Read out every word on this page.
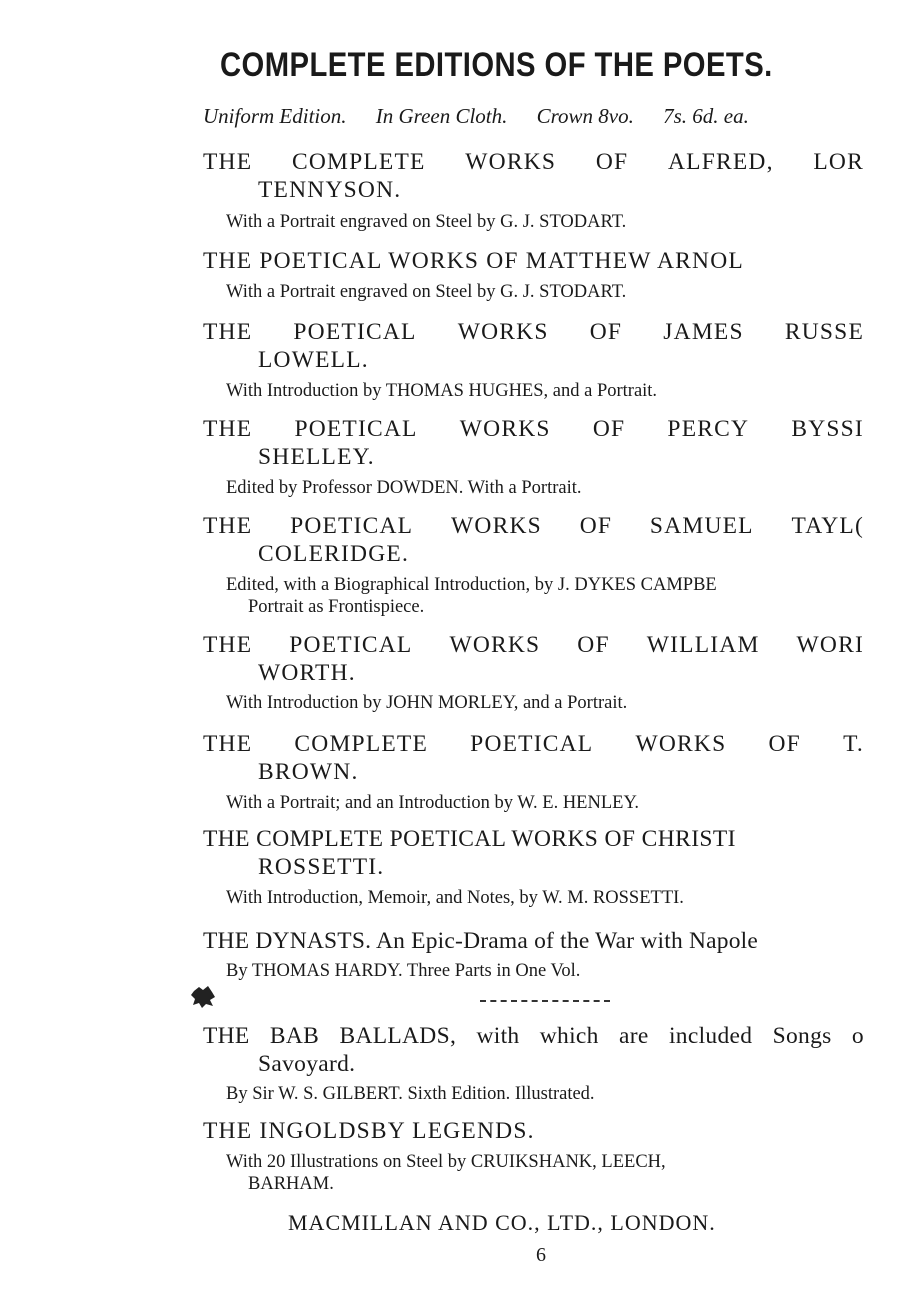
COMPLETE EDITIONS OF THE POETS.
Uniform Edition. In Green Cloth. Crown 8vo. 7s. 6d. ea.
THE COMPLETE WORKS OF ALFRED, LOR
TENNYSON.
With a Portrait engraved on Steel by G. J. STODART.
THE POETICAL WORKS OF MATTHEW ARNOL
With a Portrait engraved on Steel by G. J. STODART.
THE POETICAL WORKS OF JAMES RUSSE
LOWELL.
With Introduction by THOMAS HUGHES, and a Portrait.
THE POETICAL WORKS OF PERCY BYSSI
SHELLEY.
Edited by Professor DOWDEN. With a Portrait.
THE POETICAL WORKS OF SAMUEL TAYL(
COLERIDGE.
Edited, with a Biographical Introduction, by J. DYKES CAMPBE
Portrait as Frontispiece.
THE POETICAL WORKS OF WILLIAM WORI
WORTH.
With Introduction by JOHN MORLEY, and a Portrait.
THE COMPLETE POETICAL WORKS OF T.
BROWN.
With a Portrait; and an Introduction by W. E. HENLEY.
THE COMPLETE POETICAL WORKS OF CHRISTI
ROSSETTI.
With Introduction, Memoir, and Notes, by W. M. ROSSETTI.
THE DYNASTS. An Epic-Drama of the War with Napole
By THOMAS HARDY. Three Parts in One Vol.
THE BAB BALLADS, with which are included Songs o
Savoyard.
By Sir W. S. GILBERT. Sixth Edition. Illustrated.
THE INGOLDSBY LEGENDS.
With 20 Illustrations on Steel by CRUIKSHANK, LEECH,
BARHAM.
MACMILLAN AND CO., LTD., LONDON.
6
